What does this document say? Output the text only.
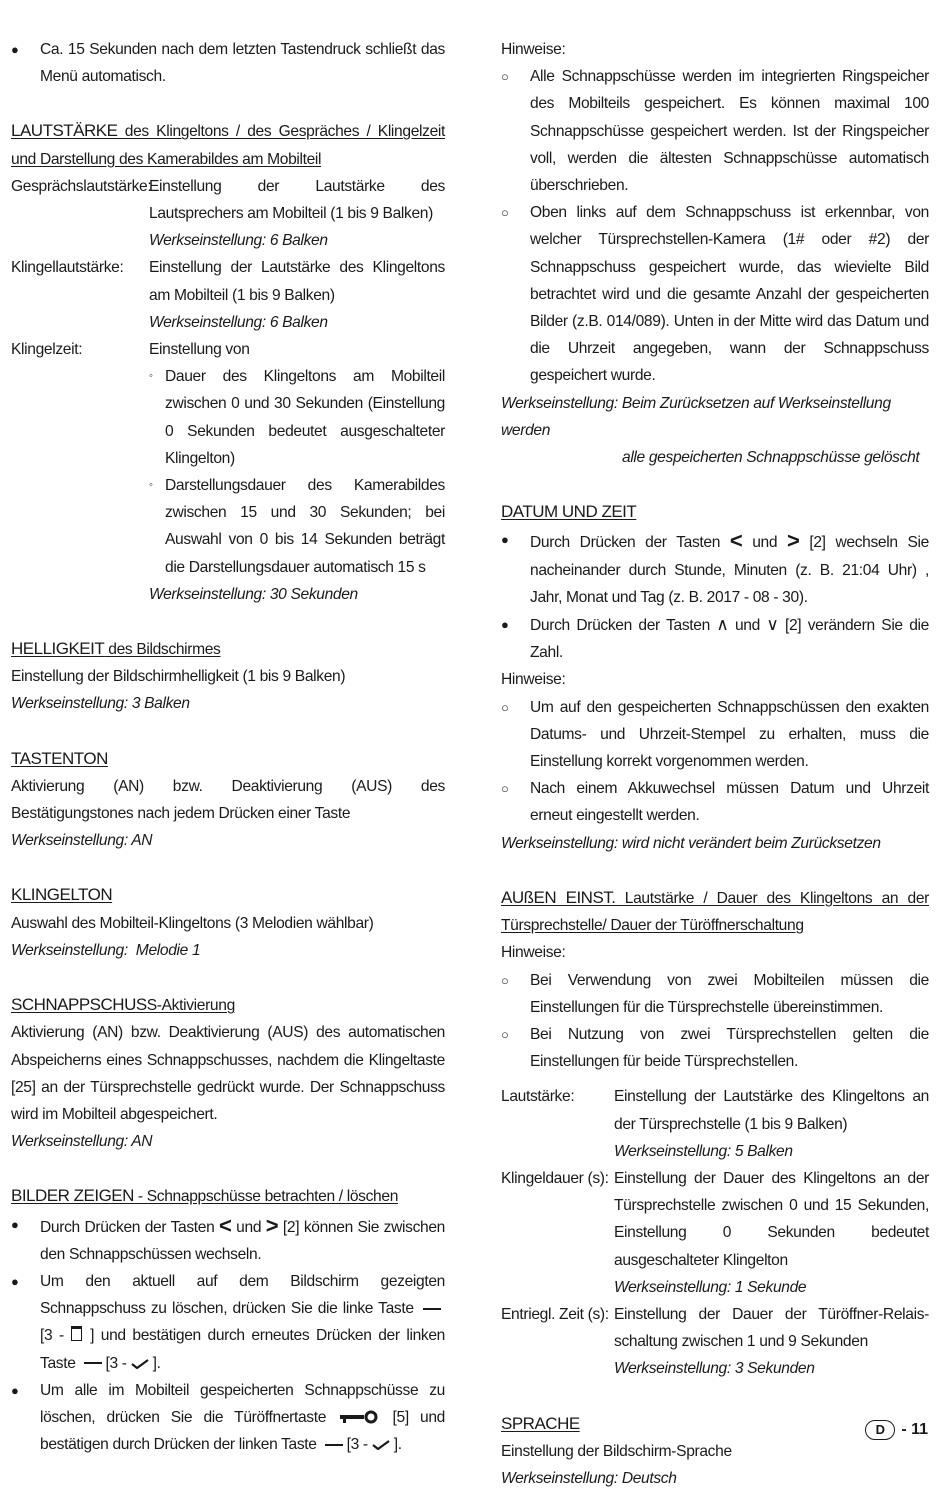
●	Ca. 15 Sekunden nach dem letzten Tastendruck schließt das Menü automatisch.

LAUTSTÄRKE des Klingeltons / des Gespräches / Klingelzeit und Darstellung des Kamerabildes am Mobilteil

Gesprächslautstärke:

Einstellung der Lautstärke des Lautsprechers am Mobilteil (1 bis 9 Balken)

Werkseinstellung: 6 Balken

Klingellautstärke:	Einstellung der Lautstärke des Klingeltons am Mobilteil (1 bis 9 Balken)

Werkseinstellung: 6 Balken

Klingelzeit:	Einstellung von

◦ Dauer des Klingeltons am Mobilteil zwischen 0 und 30 Sekunden (Einstellung 0 Sekunden bedeutet ausgeschalteter Klingelton)
◦ Darstellungsdauer des Kamerabildes zwischen 15 und 30 Sekunden; bei Auswahl von 0 bis 14 Sekunden beträgt die Darstellungsdauer automatisch 15 s

Werkseinstellung: 30 Sekunden

HELLIGKEIT des Bildschirmes

Einstellung der Bildschirmhelligkeit (1 bis 9 Balken)

Werkseinstellung: 3 Balken

TASTENTON

Aktivierung (AN) bzw. Deaktivierung (AUS) des Bestätigungstones nach jedem Drücken einer Taste

Werkseinstellung: AN

KLINGELTON

Auswahl des Mobilteil-Klingeltons (3 Melodien wählbar)

Werkseinstellung:  Melodie 1

SCHNAPPSCHUSS-Aktivierung

Aktivierung (AN) bzw. Deaktivierung (AUS) des automatischen Abspeicherns eines Schnappschusses, nachdem die Klingeltaste [25] an der Türsprechstelle gedrückt wurde. Der Schnappschuss wird im Mobilteil abgespeichert.

Werkseinstellung: AN

BILDER ZEIGEN - Schnappschüsse betrachten / löschen

●	Durch Drücken der Tasten < und > [2] können Sie zwischen den Schnappschüssen wechseln.
●	Um den aktuell auf dem Bildschirm gezeigten Schnappschuss zu löschen, drücken Sie die linke Taste [3 -  ] und bestätigen durch erneutes Drücken der linken Taste [3 -  ].
●	Um alle im Mobilteil gespeicherten Schnappschüsse zu löschen, drücken Sie die Türöffnertaste	[5] und bestätigen durch Drücken der linken Taste [3 -  ].

Hinweise:

○	Alle Schnappschüsse werden im integrierten Ringspeicher des Mobilteils gespeichert. Es können maximal 100 Schnappschüsse gespeichert werden. Ist der Ringspeicher voll, werden die ältesten Schnappschüsse automatisch überschrieben.
○	Oben links auf dem Schnappschuss ist erkennbar, von welcher Türsprechstellen-Kamera (1# oder #2) der Schnappschuss gespeichert wurde, das wievielte Bild betrachtet wird und die gesamte Anzahl der gespeicherten Bilder (z.B. 014/089). Unten in der Mitte wird das Datum und die Uhrzeit angegeben, wann der Schnappschuss gespeichert wurde.

Werkseinstellung: Beim Zurücksetzen auf Werkseinstellung werden

alle gespeicherten Schnappschüsse gelöscht

DATUM UND ZEIT

●	Durch Drücken der Tasten < und > [2] wechseln Sie nacheinander durch Stunde, Minuten (z. B. 21:04 Uhr) , Jahr, Monat und Tag (z. B. 2017 - 08 - 30).
●	Durch Drücken der Tasten ∧ und ∨ [2] verändern Sie die Zahl.

Hinweise:

○	Um auf den gespeicherten Schnappschüssen den exakten Datums- und Uhrzeit-Stempel zu erhalten, muss die Einstellung korrekt vorgenommen werden.
○	Nach einem Akkuwechsel müssen Datum und Uhrzeit erneut eingestellt werden.

Werkseinstellung: wird nicht verändert beim Zurücksetzen

AUßEN EINST. Lautstärke / Dauer des Klingeltons an der Türsprechstelle/ Dauer der Türöffnerschaltung

Hinweise:

○	Bei Verwendung von zwei Mobilteilen müssen die Einstellungen für die Türsprechstelle übereinstimmen.
○	Bei Nutzung von zwei Türsprechstellen gelten die Einstellungen für beide Türsprechstellen.
Lautstärke:	Einstellung der Lautstärke des Klingeltons an der Türsprechstelle (1 bis 9 Balken)

Werkseinstellung: 5 Balken

Klingeldauer (s): Einstellung der Dauer des Klingeltons an der Türsprechstelle zwischen 0 und 15 Sekunden, Einstellung 0 Sekunden bedeutet ausgeschalteter Klingelton

Werkseinstellung: 1 Sekunde

Entriegl. Zeit (s): Einstellung der Dauer der Türöffner-Relais-schaltung zwischen 1 und 9 Sekunden

Werkseinstellung: 3 Sekunden

SPRACHE

Einstellung der Bildschirm-Sprache

Werkseinstellung: Deutsch

D	- 11
